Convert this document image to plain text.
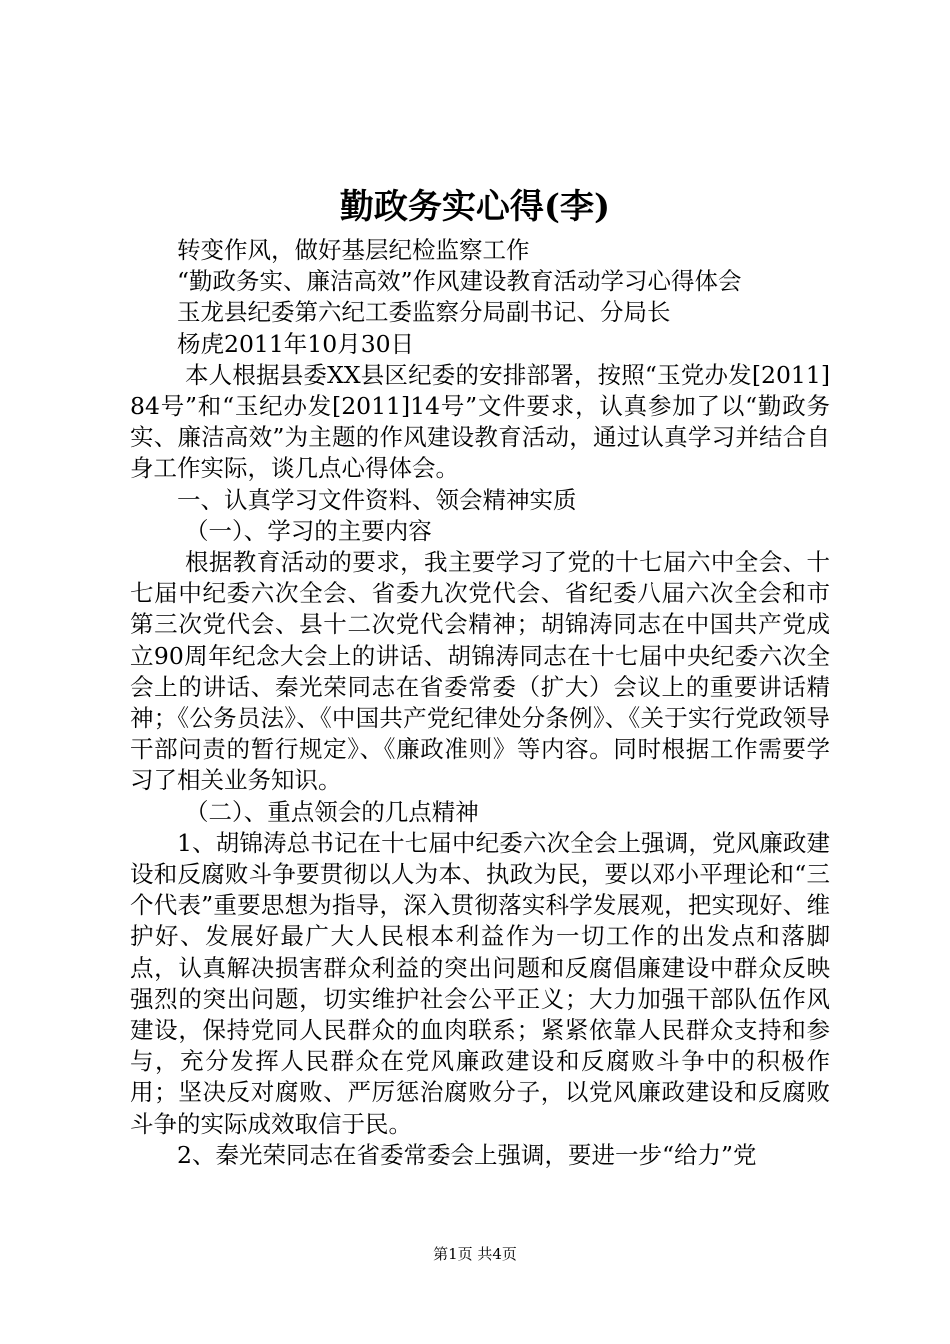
勤政务实心得(李)

转变作风，做好基层纪检监察工作

“勤政务实、廉洁高效”作风建设教育活动学习心得体会

玉龙县纪委第六纪工委监察分局副书记、分局长

杨虎2011年10月30日

本人根据县委XX县区纪委的安排部署，按照“玉党办发[2011]84号”和“玉纪办发[2011]14号”文件要求，认真参加了以“勤政务实、廉洁高效”为主题的作风建设教育活动，通过认真学习并结合自身工作实际，谈几点心得体会。

一、认真学习文件资料、领会精神实质

（一）、学习的主要内容

根据教育活动的要求，我主要学习了党的十七届六中全会、十七届中纪委六次全会、省委九次党代会、省纪委八届六次全会和市第三次党代会、县十二次党代会精神；胡锦涛同志在中国共产党成立90周年纪念大会上的讲话、胡锦涛同志在十七届中央纪委六次全会上的讲话、秦光荣同志在省委常委（扩大）会议上的重要讲话精神；《公务员法》、《中国共产党纪律处分条例》、《关于实行党政领导干部问责的暂行规定》、《廉政准则》等内容。同时根据工作需要学习了相关业务知识。

（二）、重点领会的几点精神

1、胡锦涛总书记在十七届中纪委六次全会上强调，党风廉政建设和反腐败斗争要贯彻以人为本、执政为民，要以邓小平理论和“三个代表”重要思想为指导，深入贯彻落实科学发展观，把实现好、维护好、发展好最广大人民根本利益作为一切工作的出发点和落脚点，认真解决损害群众利益的突出问题和反腐倡廉建设中群众反映强烈的突出问题，切实维护社会公平正义；大力加强干部队伍作风建设，保持党同人民群众的血肉联系；紧紧依靠人民群众支持和参与，充分发挥人民群众在党风廉政建设和反腐败斗争中的积极作用；坚决反对腐败、严厉惩治腐败分子，以党风廉政建设和反腐败斗争的实际成效取信于民。

2、秦光荣同志在省委常委会上强调，要进一步“给力”党

第1页 共4页
